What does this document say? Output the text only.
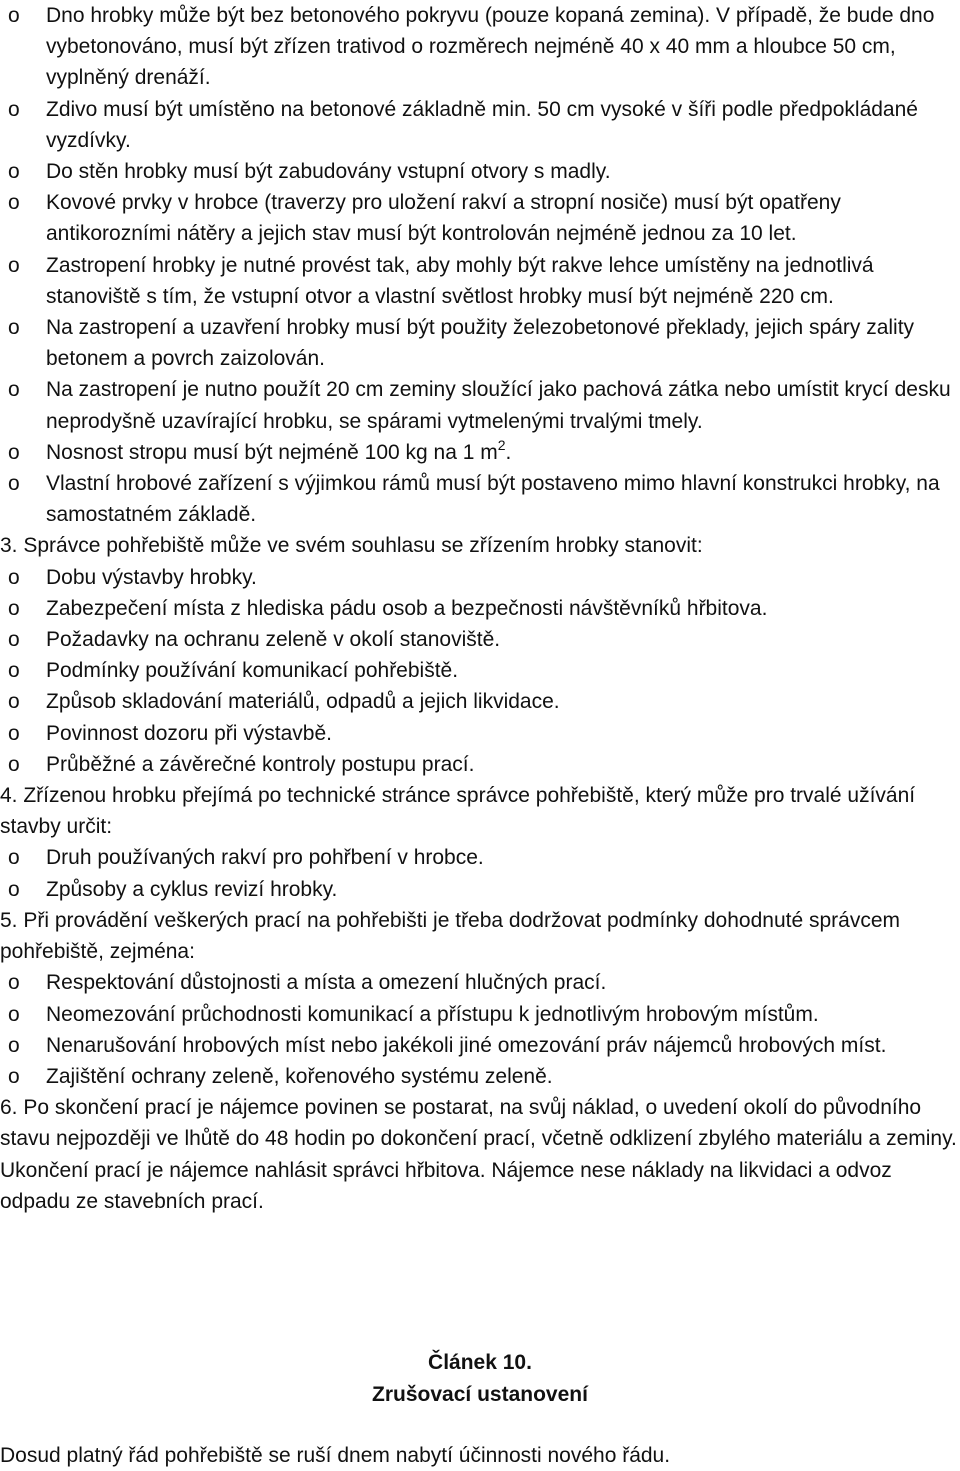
o	Dno hrobky může být bez betonového pokryvu (pouze kopaná zemina). V případě, že bude dno vybetonováno, musí být zřízen trativod o rozměrech nejméně 40 x 40 mm a hloubce 50 cm, vyplněný drenáží.
o	Zdivo musí být umístěno na betonové základně min. 50 cm vysoké v šíři podle předpokládané vyzdívky.
o	Do stěn hrobky musí být zabudovány vstupní otvory s madly.
o	Kovové prvky v hrobce (traverzy pro uložení rakví a stropní nosiče) musí být opatřeny antikorozními nátěry a jejich stav musí být kontrolován nejméně jednou za 10 let.
o	Zastropení hrobky je nutné provést tak, aby mohly být rakve lehce umístěny na jednotlivá stanoviště s tím, že vstupní otvor a vlastní světlost hrobky musí být nejméně 220 cm.
o	Na zastropení a uzavření hrobky musí být použity železobetonové překlady, jejich spáry zality betonem a povrch zaizolován.
o	Na zastropení je nutno použít 20 cm zeminy sloužící jako pachová zátka nebo umístit krycí desku neprodyšně uzavírající hrobku, se spárami vytmelenými trvalými tmely.
o	Nosnost stropu musí být nejméně 100 kg na 1 $m^2$.
o	Vlastní hrobové zařízení s výjimkou rámů musí být postaveno mimo hlavní konstrukci hrobky, na samostatném základě.

3. Správce pohřebiště může ve svém souhlasu se zřízením hrobky stanovit:

o	Dobu výstavby hrobky.
o	Zabezpečení místa z hlediska pádu osob a bezpečnosti návštěvníků hřbitova.
o	Požadavky na ochranu zeleně v okolí stanoviště.
o	Podmínky používání komunikací pohřebiště.
o	Způsob skladování materiálů, odpadů a jejich likvidace.
o	Povinnost dozoru při výstavbě.
o	Průběžné a závěrečné kontroly postupu prací.

4. Zřízenou hrobku přejímá po technické stránce správce pohřebiště, který může pro trvalé užívání stavby určit:

o	Druh používaných rakví pro pohřbení v hrobce.
o	Způsoby a cyklus revizí hrobky.

5. Při provádění veškerých prací na pohřebišti je třeba dodržovat podmínky dohodnuté správcem pohřebiště, zejména:

o	Respektování důstojnosti a místa a omezení hlučných prací.
o	Neomezování průchodnosti komunikací a přístupu k jednotlivým hrobovým místům.
o	Nenarušování hrobových míst nebo jakékoli jiné omezování práv nájemců hrobových míst.
o	Zajištění ochrany zeleně, kořenového systému zeleně.

6. Po skončení prací je nájemce povinen se postarat, na svůj náklad, o uvedení okolí do původního stavu nejpozději ve lhůtě do 48 hodin po dokončení prací, včetně odklizení zbylého materiálu a zeminy. Ukončení prací je nájemce nahlásit správci hřbitova. Nájemce nese náklady na likvidaci a odvoz odpadu ze stavebních prací.

Článek 10.
Zrušovací ustanovení
Dosud platný řád pohřebiště se ruší dnem nabytí účinnosti nového řádu.
